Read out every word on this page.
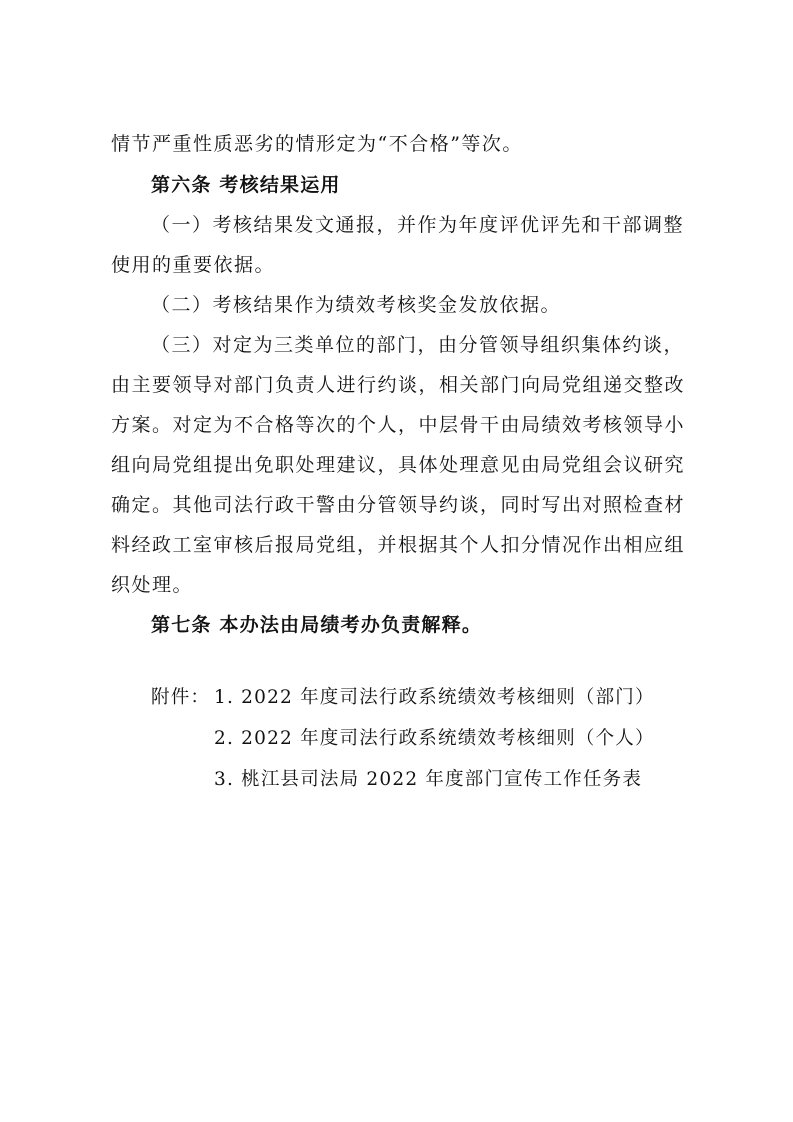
情节严重性质恶劣的情形定为“不合格”等次。
第六条 考核结果运用
（一）考核结果发文通报，并作为年度评优评先和干部调整
使用的重要依据。
（二）考核结果作为绩效考核奖金发放依据。
（三）对定为三类单位的部门，由分管领导组织集体约谈，
由主要领导对部门负责人进行约谈，相关部门向局党组递交整改
方案。对定为不合格等次的个人，中层骨干由局绩效考核领导小
组向局党组提出免职处理建议，具体处理意见由局党组会议研究
确定。其他司法行政干警由分管领导约谈，同时写出对照检查材
料经政工室审核后报局党组，并根据其个人扣分情况作出相应组
织处理。
第七条 本办法由局绩考办负责解释。
附件： 1. 2022 年度司法行政系统绩效考核细则（部门）
2. 2022 年度司法行政系统绩效考核细则（个人）
3. 桃江县司法局 2022 年度部门宣传工作任务表
